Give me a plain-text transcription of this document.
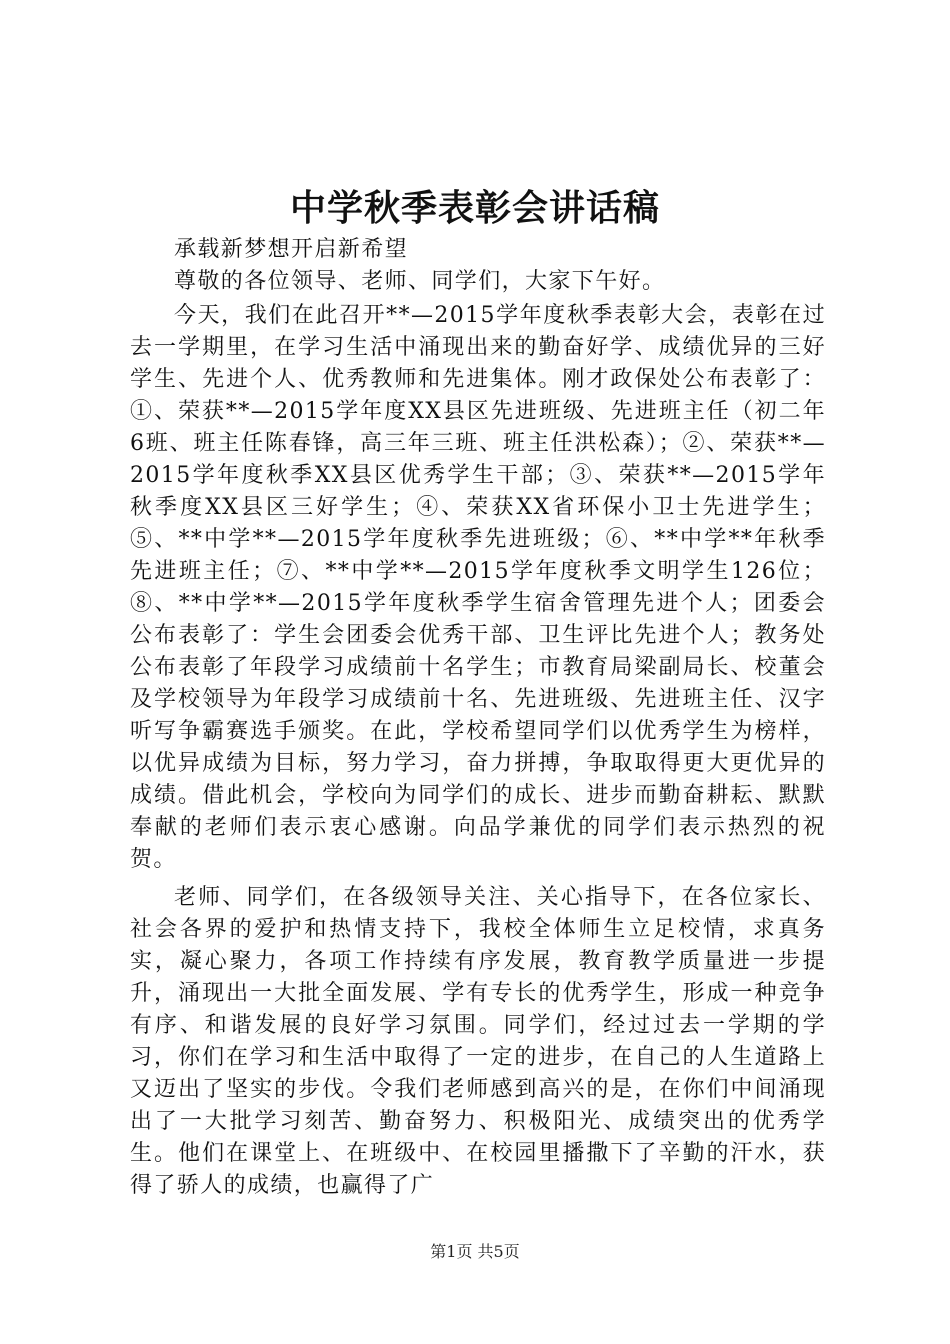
中学秋季表彰会讲话稿

承载新梦想开启新希望

尊敬的各位领导、老师、同学们，大家下午好。

今天，我们在此召开**—2015学年度秋季表彰大会，表彰在过去一学期里，在学习生活中涌现出来的勤奋好学、成绩优异的三好学生、先进个人、优秀教师和先进集体。刚才政保处公布表彰了：①、荣获**—2015学年度XX县区先进班级、先进班主任（初二年6班、班主任陈春锋，高三年三班、班主任洪松森）；②、荣获**—2015学年度秋季XX县区优秀学生干部；③、荣获**—2015学年秋季度XX县区三好学生；④、荣获XX省环保小卫士先进学生；⑤、**中学**—2015学年度秋季先进班级；⑥、**中学**年秋季先进班主任；⑦、**中学**—2015学年度秋季文明学生126位；⑧、**中学**—2015学年度秋季学生宿舍管理先进个人；团委会公布表彰了：学生会团委会优秀干部、卫生评比先进个人；教务处公布表彰了年段学习成绩前十名学生；市教育局梁副局长、校董会及学校领导为年段学习成绩前十名、先进班级、先进班主任、汉字听写争霸赛选手颁奖。在此，学校希望同学们以优秀学生为榜样，以优异成绩为目标，努力学习，奋力拼搏，争取取得更大更优异的成绩。借此机会，学校向为同学们的成长、进步而勤奋耕耘、默默奉献的老师们表示衷心感谢。向品学兼优的同学们表示热烈的祝贺。

老师、同学们，在各级领导关注、关心指导下，在各位家长、社会各界的爱护和热情支持下，我校全体师生立足校情，求真务实，凝心聚力，各项工作持续有序发展，教育教学质量进一步提升，涌现出一大批全面发展、学有专长的优秀学生，形成一种竞争有序、和谐发展的良好学习氛围。同学们，经过过去一学期的学习，你们在学习和生活中取得了一定的进步，在自己的人生道路上又迈出了坚实的步伐。令我们老师感到高兴的是，在你们中间涌现出了一大批学习刻苦、勤奋努力、积极阳光、成绩突出的优秀学生。他们在课堂上、在班级中、在校园里播撒下了辛勤的汗水，获得了骄人的成绩，也赢得了广

第1页 共5页
